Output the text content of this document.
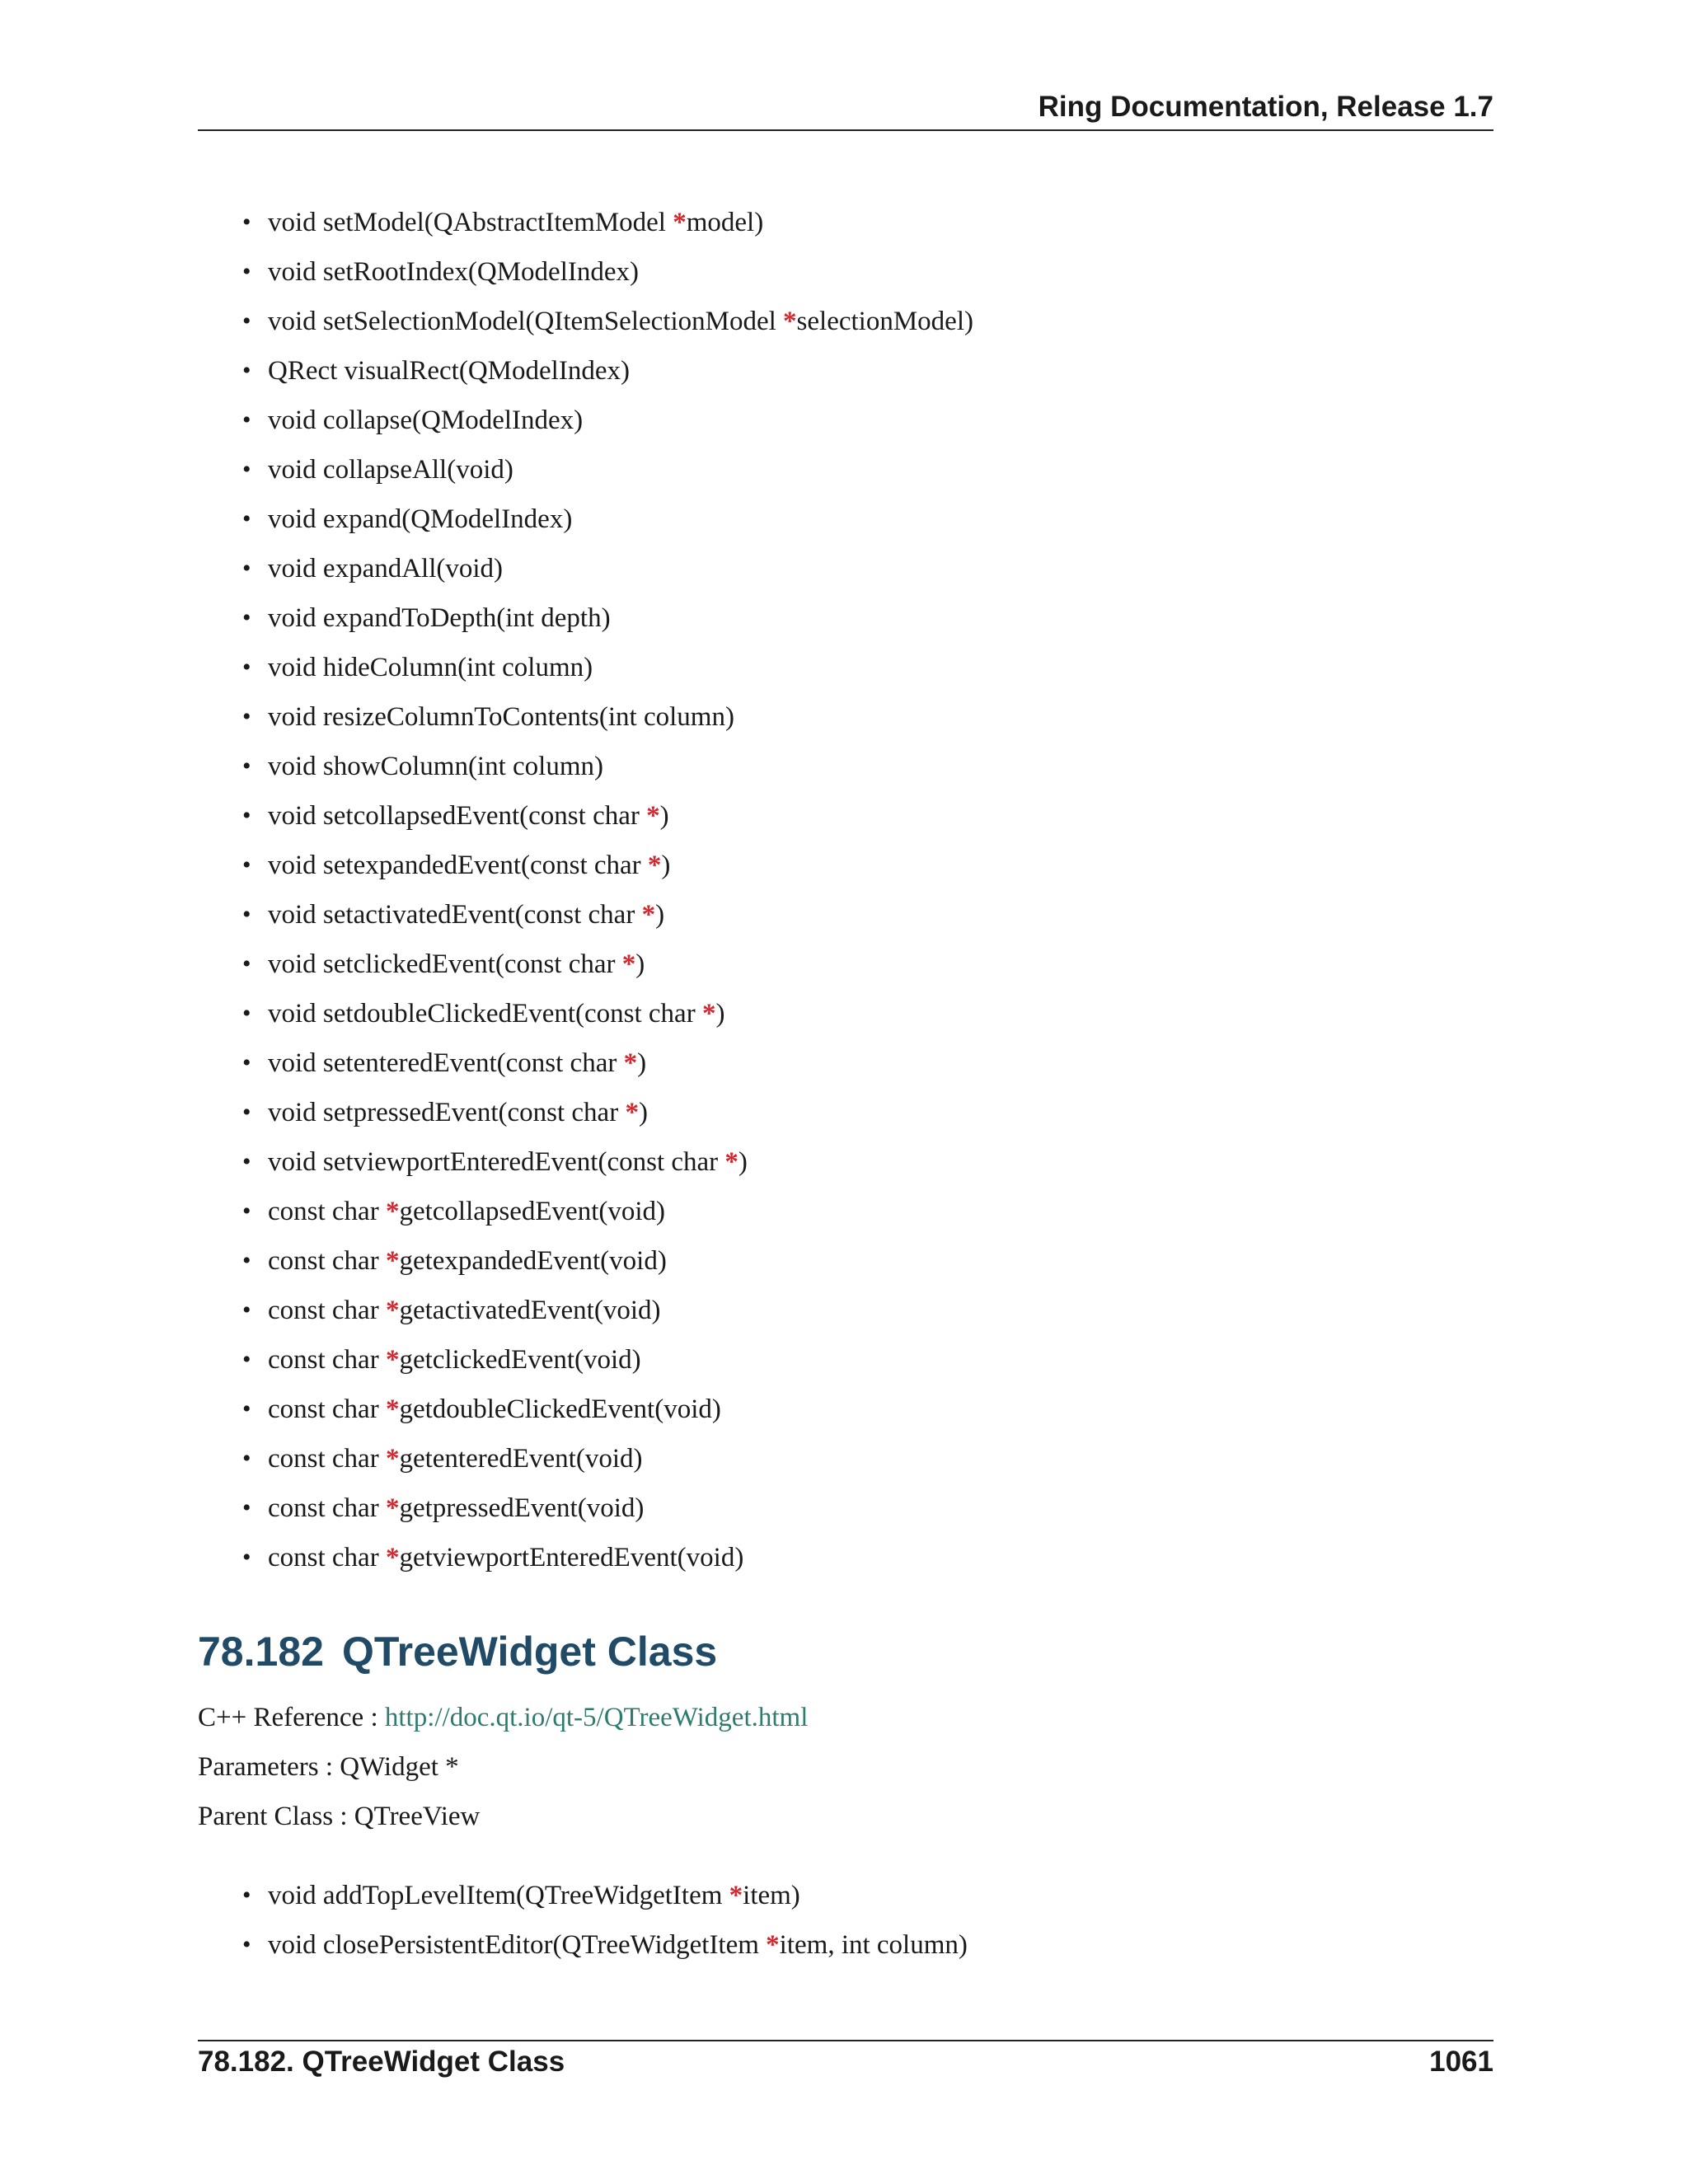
Ring Documentation, Release 1.7
• void setModel(QAbstractItemModel *model)
• void setRootIndex(QModelIndex)
• void setSelectionModel(QItemSelectionModel *selectionModel)
• QRect visualRect(QModelIndex)
• void collapse(QModelIndex)
• void collapseAll(void)
• void expand(QModelIndex)
• void expandAll(void)
• void expandToDepth(int depth)
• void hideColumn(int column)
• void resizeColumnToContents(int column)
• void showColumn(int column)
• void setcollapsedEvent(const char *)
• void setexpandedEvent(const char *)
• void setactivatedEvent(const char *)
• void setclickedEvent(const char *)
• void setdoubleClickedEvent(const char *)
• void setenteredEvent(const char *)
• void setpressedEvent(const char *)
• void setviewportEnteredEvent(const char *)
• const char *getcollapsedEvent(void)
• const char *getexpandedEvent(void)
• const char *getactivatedEvent(void)
• const char *getclickedEvent(void)
• const char *getdoubleClickedEvent(void)
• const char *getenteredEvent(void)
• const char *getpressedEvent(void)
• const char *getviewportEnteredEvent(void)
78.182 QTreeWidget Class
C++ Reference : http://doc.qt.io/qt-5/QTreeWidget.html
Parameters : QWidget *
Parent Class : QTreeView
• void addTopLevelItem(QTreeWidgetItem *item)
• void closePersistentEditor(QTreeWidgetItem *item, int column)
78.182. QTreeWidget Class	1061
